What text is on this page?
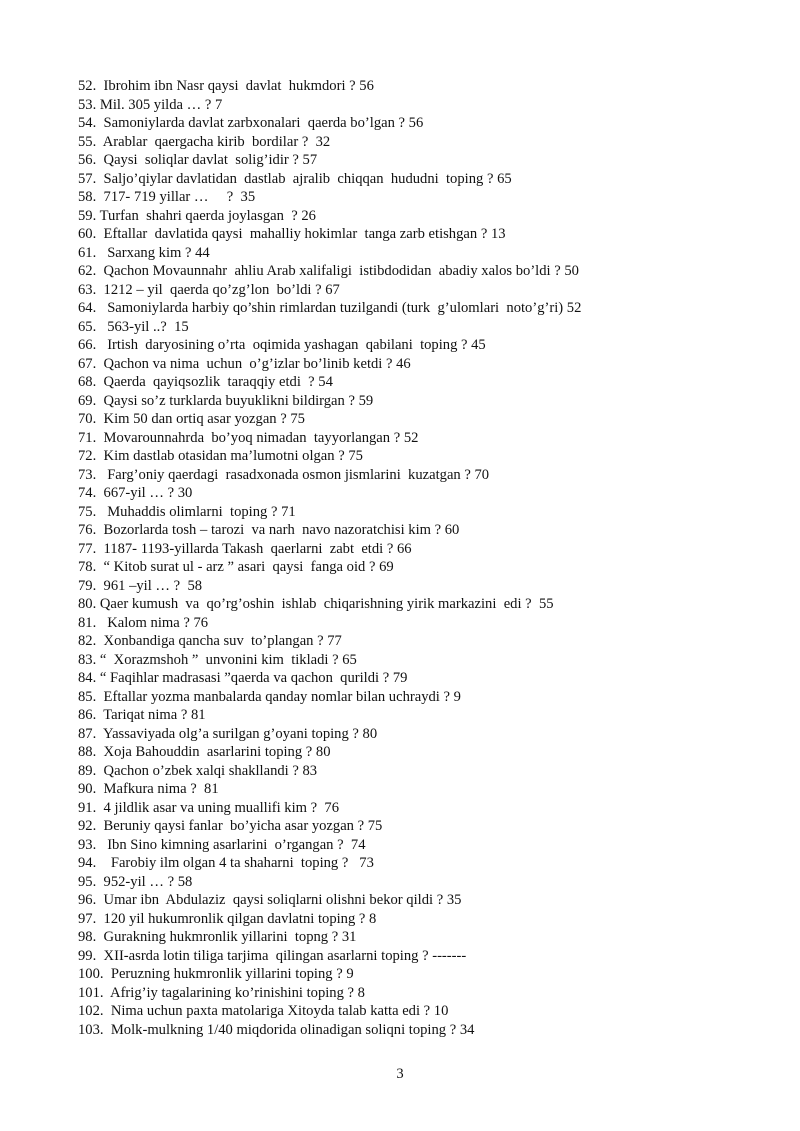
52.  Ibrohim ibn Nasr qaysi  davlat  hukmdori ? 56
53. Mil. 305 yilda … ? 7
54.  Samoniylarda davlat zarbxonalari  qaerda bo’lgan ? 56
55.  Arablar  qaergacha kirib  bordilar ?  32
56.  Qaysi  soliqlar davlat  solig’idir ? 57
57.  Saljo’qiylar davlatidan  dastlab  ajralib  chiqqan  hududni  toping ? 65
58.  717- 719 yillar …     ?  35
59. Turfan  shahri qaerda joylasgan  ? 26
60.  Eftallar  davlatida qaysi  mahalliy hokimlar  tanga zarb etishgan ? 13
61.   Sarxang kim ? 44
62.  Qachon Movaunnahr  ahliu Arab xalifaligi  istibdodidan  abadiy xalos bo’ldi ? 50
63.  1212 – yil  qaerda qo’zg’lon  bo’ldi ? 67
64.   Samoniylarda harbiy qo’shin rimlardan tuzilgandi (turk  g’ulomlari  noto’g’ri) 52
65.   563-yil ..?  15
66.   Irtish  daryosining o’rta  oqimida yashagan  qabilani  toping ? 45
67.  Qachon va nima  uchun  o’g’izlar bo’linib ketdi ? 46
68.  Qaerda  qayiqsozlik  taraqqiy etdi  ? 54
69.  Qaysi so’z turklarda buyuklikni bildirgan ? 59
70.  Kim 50 dan ortiq asar yozgan ? 75
71.  Movarounnahrda  bo’yoq nimadan  tayyorlangan ? 52
72.  Kim dastlab otasidan ma’lumotni olgan ? 75
73.   Farg’oniy qaerdagi  rasadxonada osmon jismlarini  kuzatgan ? 70
74.  667-yil … ? 30
75.   Muhaddis olimlarni  toping ? 71
76.  Bozorlarda tosh – tarozi  va narh  navo nazoratchisi kim ? 60
77.  1187- 1193-yillarda Takash  qaerlarni  zabt  etdi ? 66
78.  “ Kitob surat ul - arz ” asari  qaysi  fanga oid ? 69
79.  961 –yil … ?  58
80. Qaer kumush  va  qo’rg’oshin  ishlab  chiqarishning yirik markazini  edi ?  55
81.   Kalom nima ? 76
82.  Xonbandiga qancha suv  to’plangan ? 77
83. “  Xorazmshoh ”  unvonini kim  tikladi ? 65
84. “ Faqihlar madrasasi ”qaerda va qachon  qurildi ? 79
85.  Eftallar yozma manbalarda qanday nomlar bilan uchraydi ? 9
86.  Tariqat nima ? 81
87.  Yassaviyada olg’a surilgan g’oyani toping ? 80
88.  Xoja Bahouddin  asarlarini toping ? 80
89.  Qachon o’zbek xalqi shakllandi ? 83
90.  Mafkura nima ?  81
91.  4 jildlik asar va uning muallifi kim ?  76
92.  Beruniy qaysi fanlar  bo’yicha asar yozgan ? 75
93.   Ibn Sino kimning asarlarini  o’rgangan ?  74
94.    Farobiy ilm olgan 4 ta shaharni  toping ?   73
95.  952-yil … ? 58
96.  Umar ibn  Abdulaziz  qaysi soliqlarni olishni bekor qildi ? 35
97.  120 yil hukumronlik qilgan davlatni toping ? 8
98.  Gurakning hukmronlik yillarini  topng ? 31
99.  XII-asrda lotin tiliga tarjima  qilingan asarlarni toping ? -------
100.  Peruzning hukmronlik yillarini toping ? 9
101.  Afrig’iy tagalarining ko’rinishini toping ? 8
102.  Nima uchun paxta matolariga Xitoyda talab katta edi ? 10
103.  Molk-mulkning 1/40 miqdorida olinadigan soliqni toping ? 34
3
